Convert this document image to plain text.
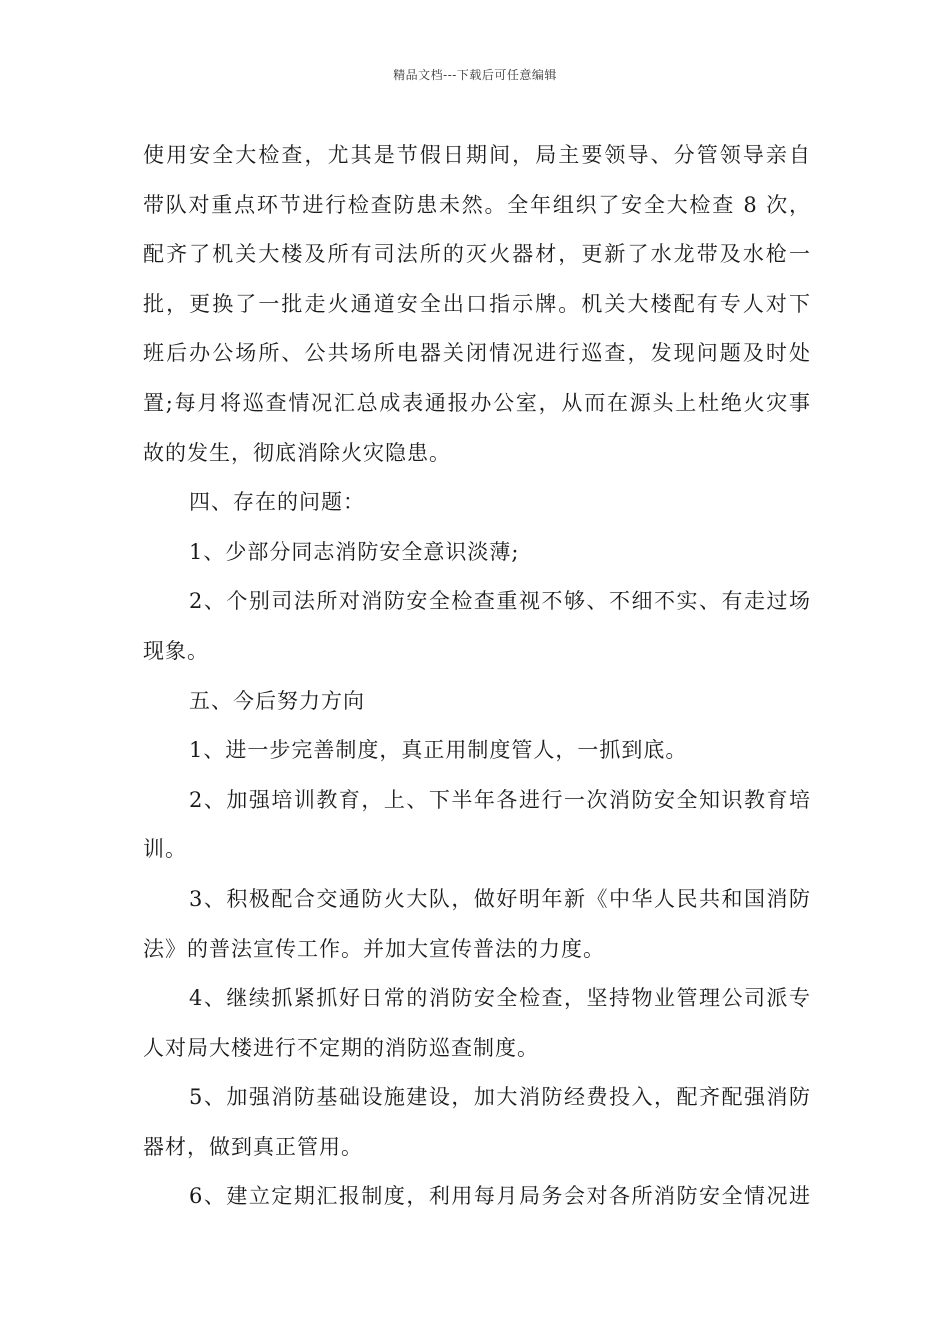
精品文档---下载后可任意编辑
使用安全大检查，尤其是节假日期间，局主要领导、分管领导亲自
带队对重点环节进行检查防患未然。全年组织了安全大检查 8 次，
配齐了机关大楼及所有司法所的灭火器材，更新了水龙带及水枪一
批，更换了一批走火通道安全出口指示牌。机关大楼配有专人对下
班后办公场所、公共场所电器关闭情况进行巡查，发现问题及时处
置;每月将巡查情况汇总成表通报办公室，从而在源头上杜绝火灾事
故的发生，彻底消除火灾隐患。
四、存在的问题：
1、少部分同志消防安全意识淡薄;
2、个别司法所对消防安全检查重视不够、不细不实、有走过场
现象。
五、今后努力方向
1、进一步完善制度，真正用制度管人，一抓到底。
2、加强培训教育，上、下半年各进行一次消防安全知识教育培
训。
3、积极配合交通防火大队，做好明年新《中华人民共和国消防
法》的普法宣传工作。并加大宣传普法的力度。
4、继续抓紧抓好日常的消防安全检查，坚持物业管理公司派专
人对局大楼进行不定期的消防巡查制度。
5、加强消防基础设施建设，加大消防经费投入，配齐配强消防
器材，做到真正管用。
6、建立定期汇报制度，利用每月局务会对各所消防安全情况进
